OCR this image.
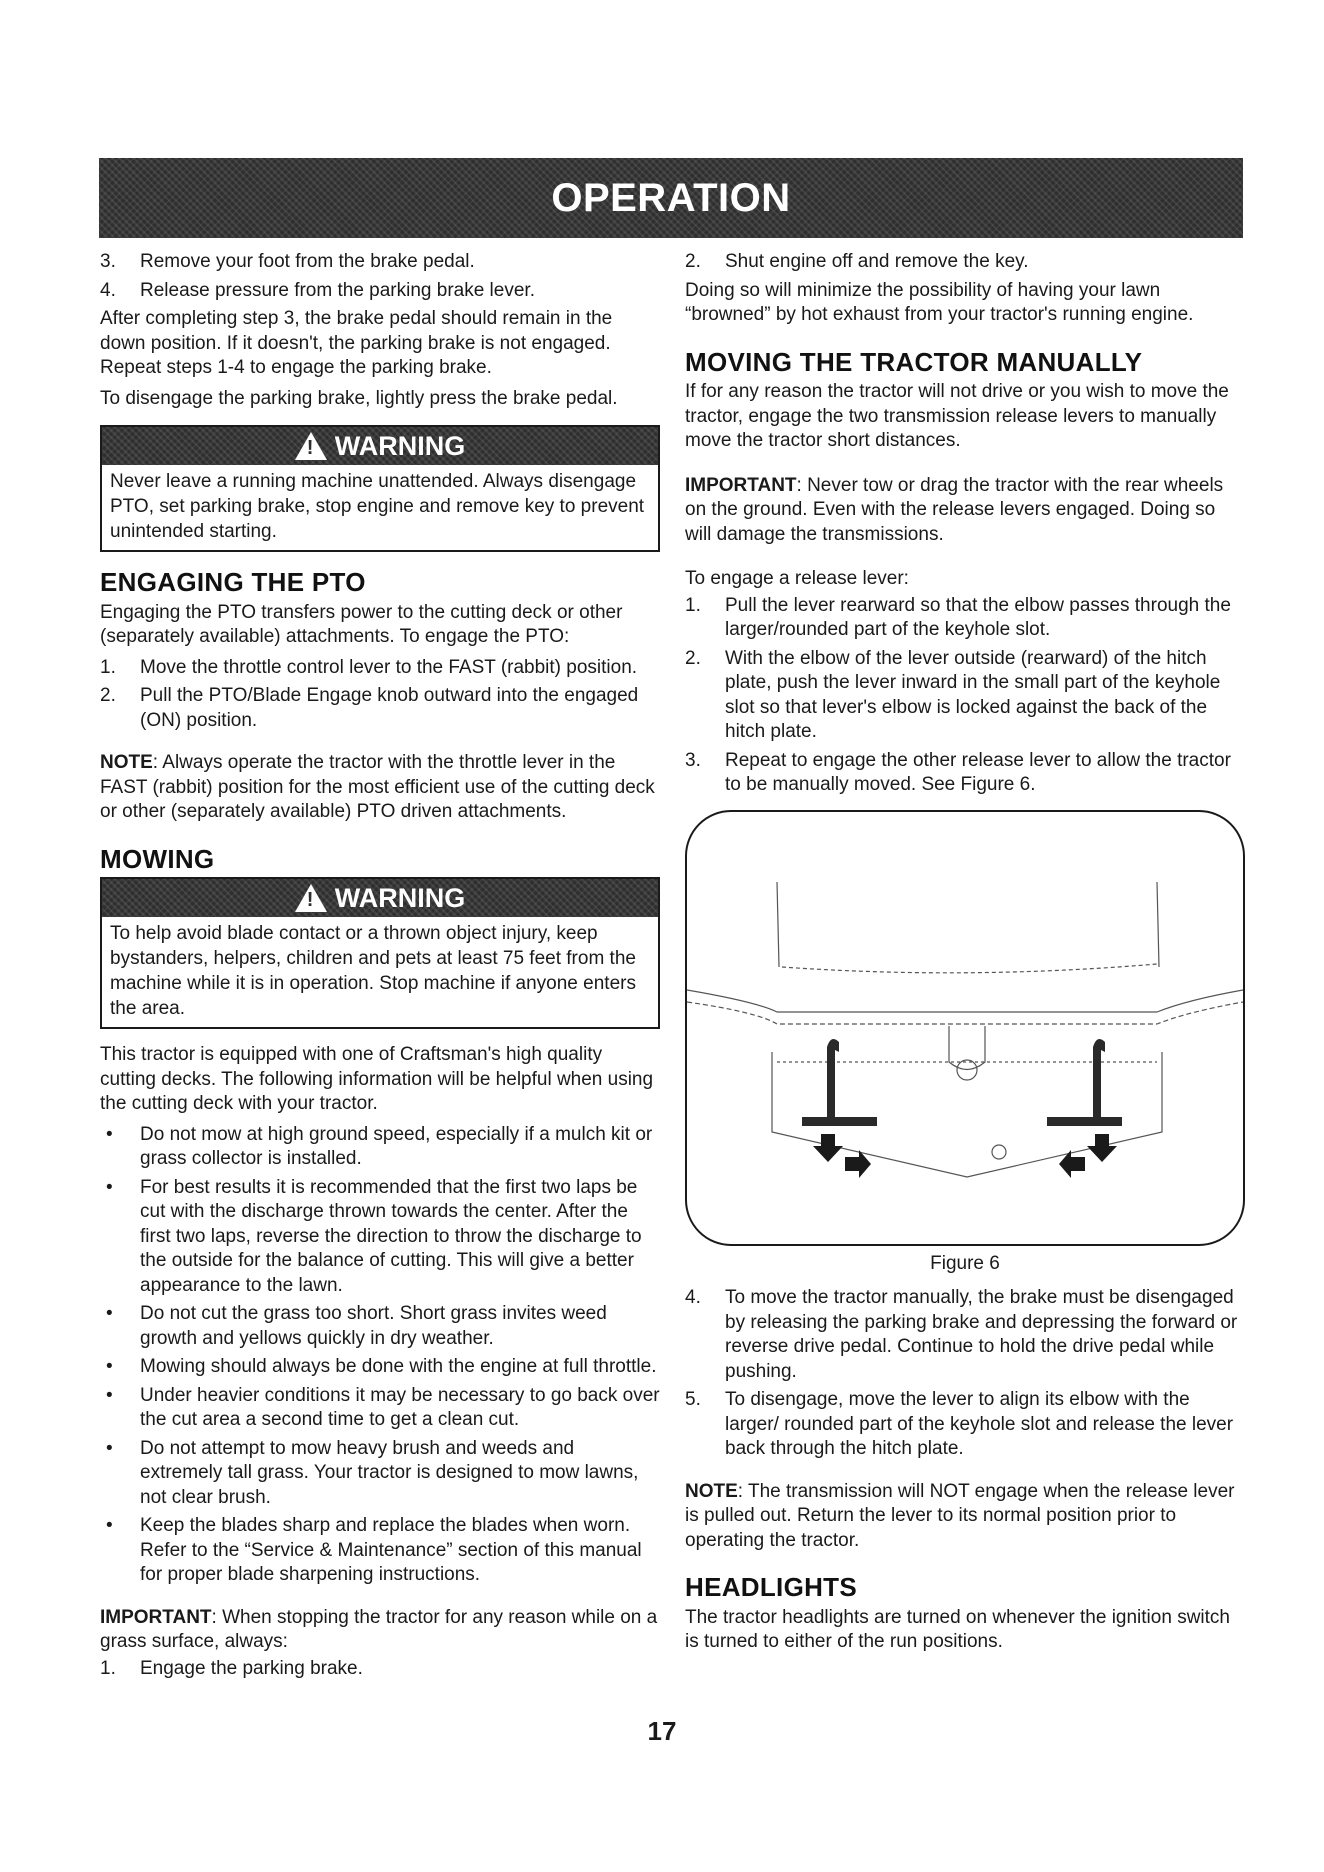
OPERATION
3.	Remove your foot from the brake pedal.
4.	Release pressure from the parking brake lever.

After completing step 3, the brake pedal should remain in the down position. If it doesn't, the parking brake is not engaged. Repeat steps 1-4 to engage the parking brake.

To disengage the parking brake, lightly press the brake pedal.

! WARNING
Never leave a running machine unattended. Always disengage PTO, set parking brake, stop engine and remove key to prevent unintended starting.
ENGAGING THE PTO

Engaging the PTO transfers power to the cutting deck or other (separately available) attachments. To engage the PTO:

1.	Move the throttle control lever to the FAST (rabbit) position.
2.	Pull the PTO/Blade Engage knob outward into the engaged (ON) position.

NOTE: Always operate the tractor with the throttle lever in the FAST (rabbit) position for the most efficient use of the cutting deck or other (separately available) PTO driven attachments.

MOWING
! WARNING
To help avoid blade contact or a thrown object injury, keep bystanders, helpers, children and pets at least 75 feet from the machine while it is in operation. Stop machine if anyone enters the area.

This tractor is equipped with one of Craftsman's high quality cutting decks. The following information will be helpful when using the cutting deck with your tractor.

•	Do not mow at high ground speed, especially if a mulch kit or grass collector is installed.
•	For best results it is recommended that the first two laps be cut with the discharge thrown towards the center. After the first two laps, reverse the direction to throw the discharge to the outside for the balance of cutting. This will give a better appearance to the lawn.
•	Do not cut the grass too short. Short grass invites weed growth and yellows quickly in dry weather.
•	Mowing should always be done with the engine at full throttle.
•	Under heavier conditions it may be necessary to go back over the cut area a second time to get a clean cut.
•	Do not attempt to mow heavy brush and weeds and extremely tall grass. Your tractor is designed to mow lawns, not clear brush.
•	Keep the blades sharp and replace the blades when worn. Refer to the “Service & Maintenance” section of this manual for proper blade sharpening instructions.

IMPORTANT: When stopping the tractor for any reason while on a grass surface, always:

1.	Engage the parking brake.
2.	Shut engine off and remove the key.

Doing so will minimize the possibility of having your lawn “browned” by hot exhaust from your tractor's running engine.

MOVING THE TRACTOR MANUALLY

If for any reason the tractor will not drive or you wish to move the tractor, engage the two transmission release levers to manually move the tractor short distances.

IMPORTANT: Never tow or drag the tractor with the rear wheels on the ground. Even with the release levers engaged. Doing so will damage the transmissions.

To engage a release lever:

1.	Pull the lever rearward so that the elbow passes through the larger/rounded part of the keyhole slot.
2.	With the elbow of the lever outside (rearward) of the hitch plate, push the lever inward in the small part of the keyhole slot so that lever's elbow is locked against the back of the hitch plate.
3.	Repeat to engage the other release lever to allow the tractor to be manually moved. See Figure 6.
Figure 6
4.	To move the tractor manually, the brake must be disengaged by releasing the parking brake and depressing the forward or reverse drive pedal. Continue to hold the drive pedal while pushing.
5.	To disengage, move the lever to align its elbow with the larger/ rounded part of the keyhole slot and release the lever back through the hitch plate.

NOTE: The transmission will NOT engage when the release lever is pulled out. Return the lever to its normal position prior to operating the tractor.

HEADLIGHTS

The tractor headlights are turned on whenever the ignition switch is turned to either of the run positions.

17
